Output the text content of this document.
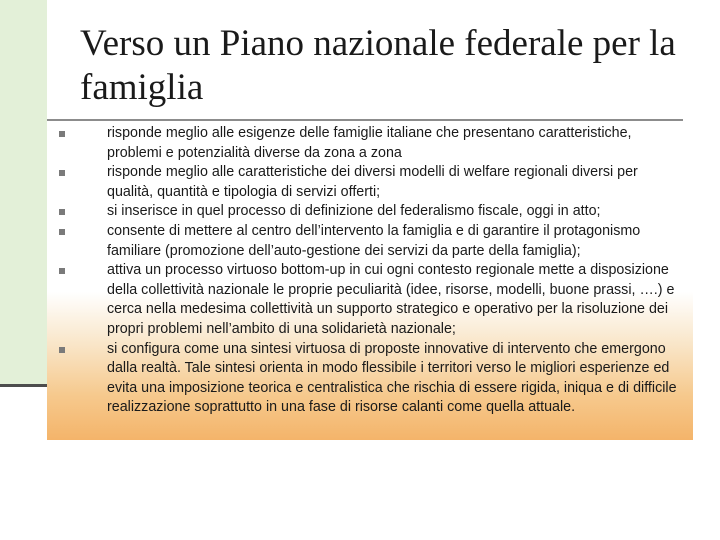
Verso un Piano nazionale federale per la famiglia
risponde meglio alle esigenze delle famiglie italiane che presentano caratteristiche, problemi e potenzialità diverse da zona a zona
risponde meglio alle caratteristiche dei diversi modelli di welfare regionali diversi per qualità, quantità e tipologia di servizi offerti;
si inserisce in quel processo di definizione del federalismo fiscale, oggi in atto;
consente di mettere al centro dell’intervento la famiglia e di garantire il protagonismo familiare (promozione dell’auto-gestione dei servizi da parte della famiglia);
attiva un processo virtuoso bottom-up in cui ogni contesto regionale mette a disposizione della collettività nazionale le proprie peculiarità (idee, risorse, modelli, buone prassi, ….) e cerca nella medesima collettività un supporto strategico e operativo per la risoluzione dei propri problemi nell’ambito di una solidarietà nazionale;
si configura come una sintesi virtuosa di proposte innovative di intervento che emergono dalla realtà. Tale sintesi orienta in modo flessibile i territori verso le migliori esperienze ed evita una imposizione teorica e centralistica che rischia di essere rigida, iniqua e di difficile realizzazione soprattutto in una fase di risorse calanti come quella attuale.
